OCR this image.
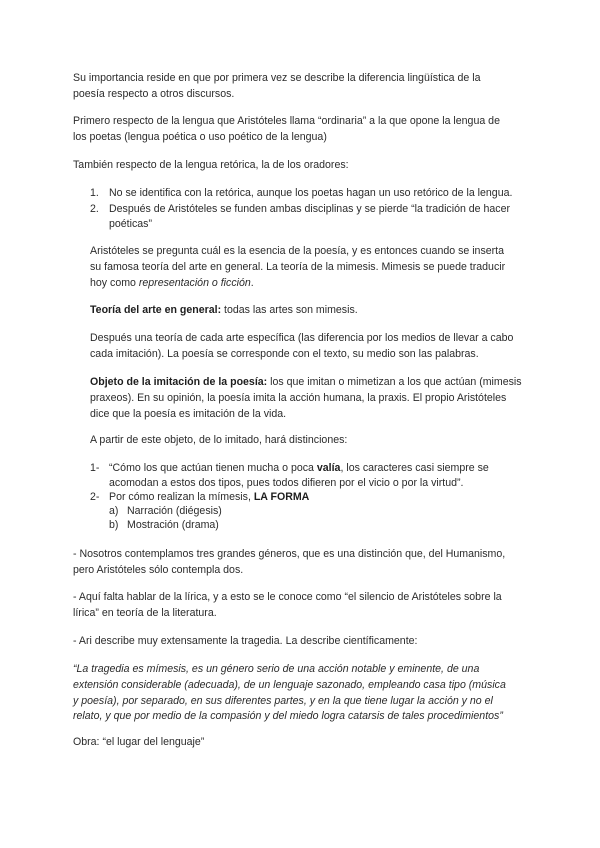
Su importancia reside en que por primera vez se describe la diferencia lingüística de la
poesía respecto a otros discursos.
Primero respecto de la lengua que Aristóteles llama “ordinaria” a la que opone la lengua de
los poetas (lengua poética o uso poético de la lengua)
También respecto de la lengua retórica, la de los oradores:
1. No se identifica con la retórica, aunque los poetas hagan un uso retórico de la lengua.
2. Después de Aristóteles se funden ambas disciplinas y se pierde “la tradición de hacer
poéticas”
Aristóteles se pregunta cuál es la esencia de la poesía, y es entonces cuando se inserta
su famosa teoría del arte en general. La teoría de la mimesis. Mimesis se puede traducir
hoy como representación o ficción.
Teoría del arte en general: todas las artes son mimesis.
Después una teoría de cada arte específica (las diferencia por los medios de llevar a cabo
cada imitación). La poesía se corresponde con el texto, su medio son las palabras.
Objeto de la imitación de la poesía: los que imitan o mimetizan a los que actúan (mimesis
praxeos). En su opinión, la poesía imita la acción humana, la praxis. El propio Aristóteles
dice que la poesía es imitación de la vida.
A partir de este objeto, de lo imitado, hará distinciones:
1- “Cómo los que actúan tienen mucha o poca valía, los caracteres casi siempre se
acomodan a estos dos tipos, pues todos difieren por el vicio o por la virtud”.
2- Por cómo realizan la mímesis, LA FORMA
a) Narración (diégesis)
b) Mostración (drama)
- Nosotros contemplamos tres grandes géneros, que es una distinción que, del Humanismo,
pero Aristóteles sólo contempla dos.
- Aquí falta hablar de la lírica, y a esto se le conoce como “el silencio de Aristóteles sobre la
lírica” en teoría de la literatura.
- Ari describe muy extensamente la tragedia. La describe científicamente:
“La tragedia es mímesis, es un género serio de una acción notable y eminente, de una
extensión considerable (adecuada), de un lenguaje sazonado, empleando casa tipo (música
y poesía), por separado, en sus diferentes partes, y en la que tiene lugar la acción y no el
relato, y que por medio de la compasión y del miedo logra catarsis de tales procedimientos”
Obra: “el lugar del lenguaje”
